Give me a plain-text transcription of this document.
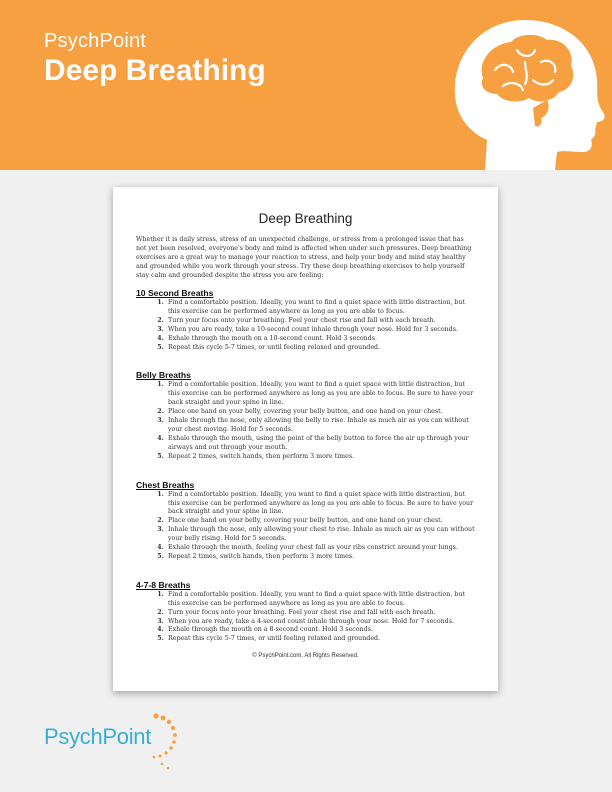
PsychPoint
Deep Breathing
Deep Breathing

Whether it is daily stress, stress of an unexpected challenge, or stress from a prolonged issue that has not yet been resolved, everyone's body and mind is affected when under such pressures. Deep breathing exercises are a great way to manage your reaction to stress, and help your body and mind stay healthy and grounded while you work through your stress. Try these deep breathing exercises to help yourself stay calm and grounded despite the stress you are feeling:

10 Second Breaths
1. Find a comfortable position. Ideally, you want to find a quiet space with little distraction, but this exercise can be performed anywhere as long as you are able to focus.
2. Turn your focus onto your breathing. Feel your chest rise and fall with each breath.
3. When you are ready, take a 10-second count inhale through your nose. Hold for 3 seconds.
4. Exhale through the mouth on a 10-second count. Hold 3 seconds.
5. Repeat this cycle 5-7 times, or until feeling relaxed and grounded.
Belly Breaths
1. Find a comfortable position. Ideally, you want to find a quiet space with little distraction, but this exercise can be performed anywhere as long as you are able to focus. Be sure to have your back straight and your spine in line.
2. Place one hand on your belly, covering your belly button, and one hand on your chest.
3. Inhale through the nose, only allowing the belly to rise. Inhale as much air as you can without your chest moving. Hold for 5 seconds.
4. Exhale through the mouth, using the point of the belly button to force the air up through your airways and out through your mouth.
5. Repeat 2 times, switch hands, then perform 3 more times.
Chest Breaths
1. Find a comfortable position. Ideally, you want to find a quiet space with little distraction, but this exercise can be performed anywhere as long as you are able to focus. Be sure to have your back straight and your spine in line.
2. Place one hand on your belly, covering your belly button, and one hand on your chest.
3. Inhale through the nose, only allowing your chest to rise. Inhale as much air as you can without your belly rising. Hold for 5 seconds.
4. Exhale through the mouth, feeling your chest fall as your ribs constrict around your lungs.
5. Repeat 2 times, switch hands, then perform 3 more times.
4-7-8 Breaths
1. Find a comfortable position. Ideally, you want to find a quiet space with little distraction, but this exercise can be performed anywhere as long as you are able to focus.
2. Turn your focus onto your breathing. Feel your chest rise and fall with each breath.
3. When you are ready, take a 4-second count inhale through your nose. Hold for 7 seconds.
4. Exhale through the mouth on a 8-second count. Hold 3 seconds.
5. Repeat this cycle 5-7 times, or until feeling relaxed and grounded.
© PsychPoint.com. All Rights Reserved.
PsychPoint
